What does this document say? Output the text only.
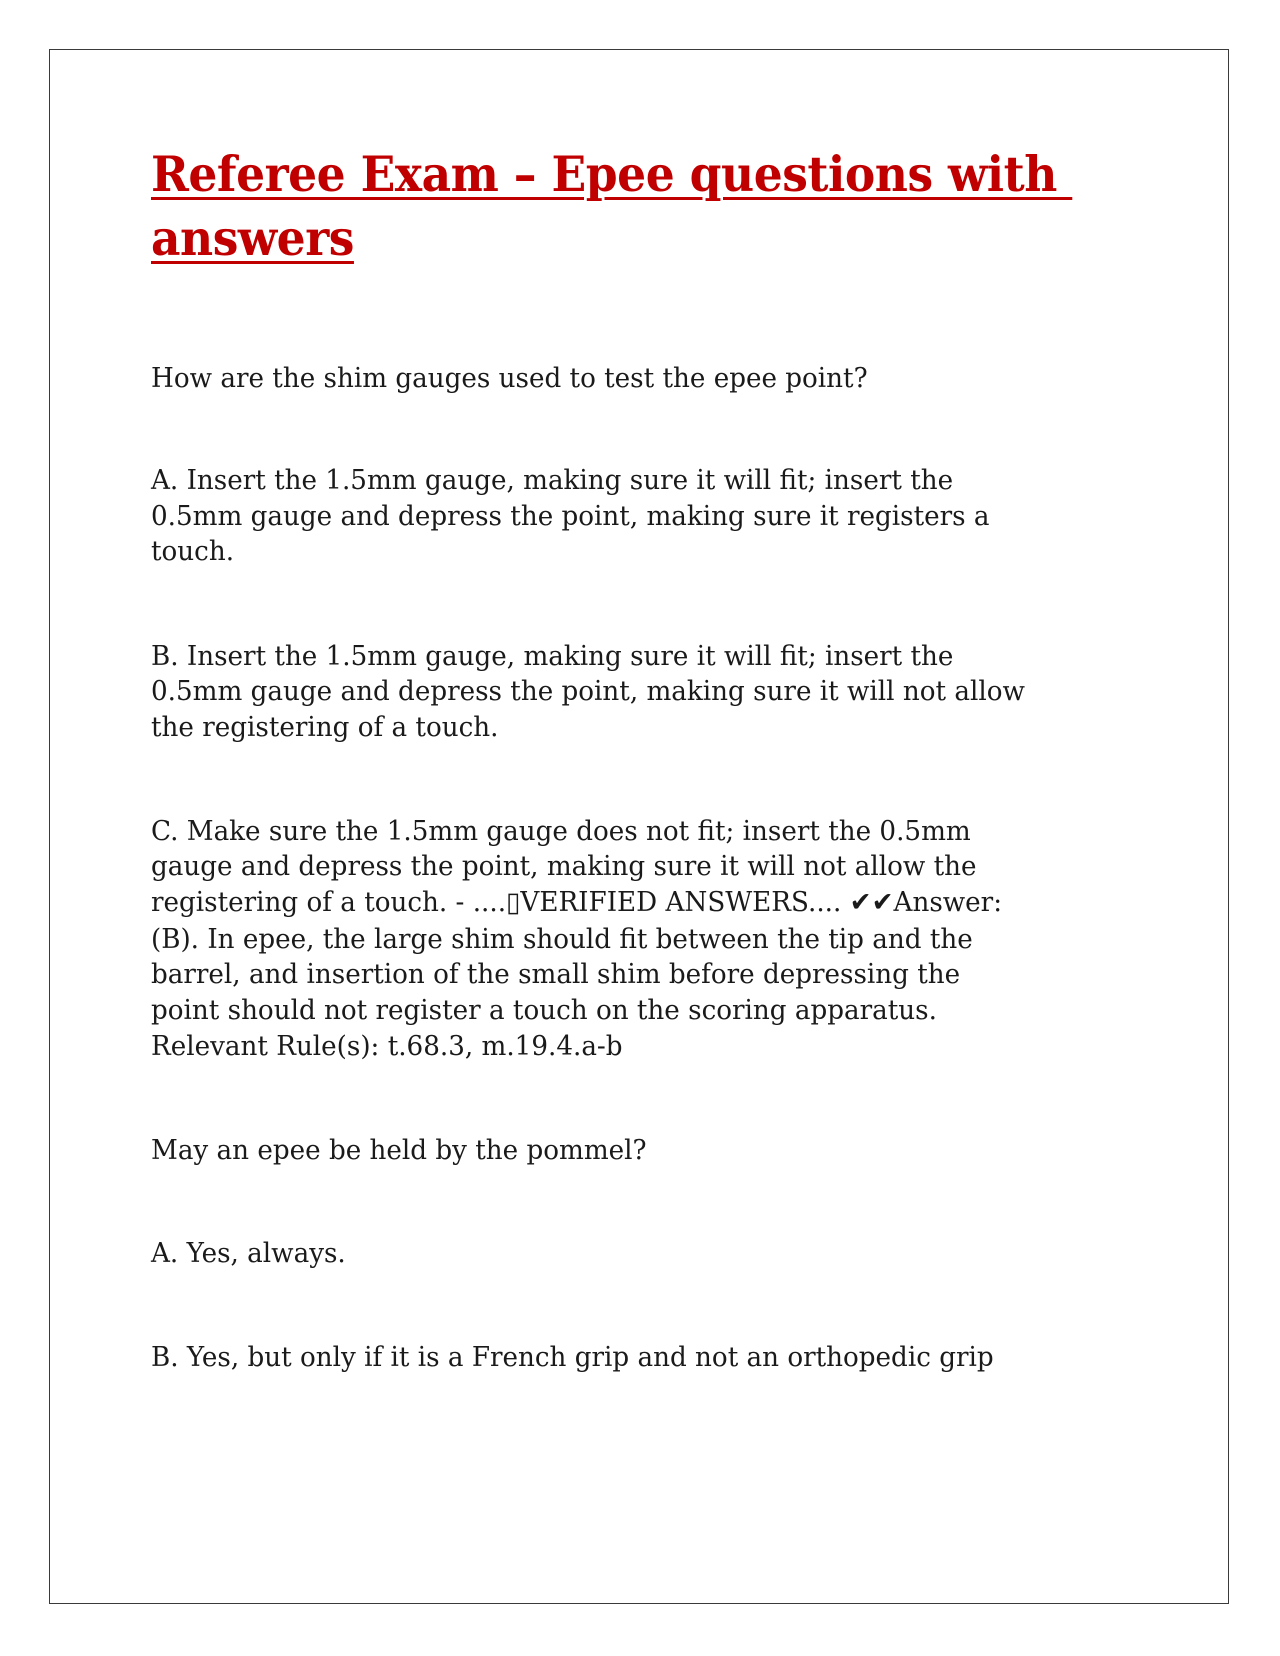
Referee Exam – Epee questions with
answers
How are the shim gauges used to test the epee point?
A. Insert the 1.5mm gauge, making sure it will fit; insert the
0.5mm gauge and depress the point, making sure it registers a
touch.
B. Insert the 1.5mm gauge, making sure it will fit; insert the
0.5mm gauge and depress the point, making sure it will not allow
the registering of a touch.
C. Make sure the 1.5mm gauge does not fit; insert the 0.5mm
gauge and depress the point, making sure it will not allow the
registering of a touch. - ....▯VERIFIED ANSWERS.... ✔✔Answer:
(B). In epee, the large shim should fit between the tip and the
barrel, and insertion of the small shim before depressing the
point should not register a touch on the scoring apparatus.
Relevant Rule(s): t.68.3, m.19.4.a-b
May an epee be held by the pommel?
A. Yes, always.
B. Yes, but only if it is a French grip and not an orthopedic grip
